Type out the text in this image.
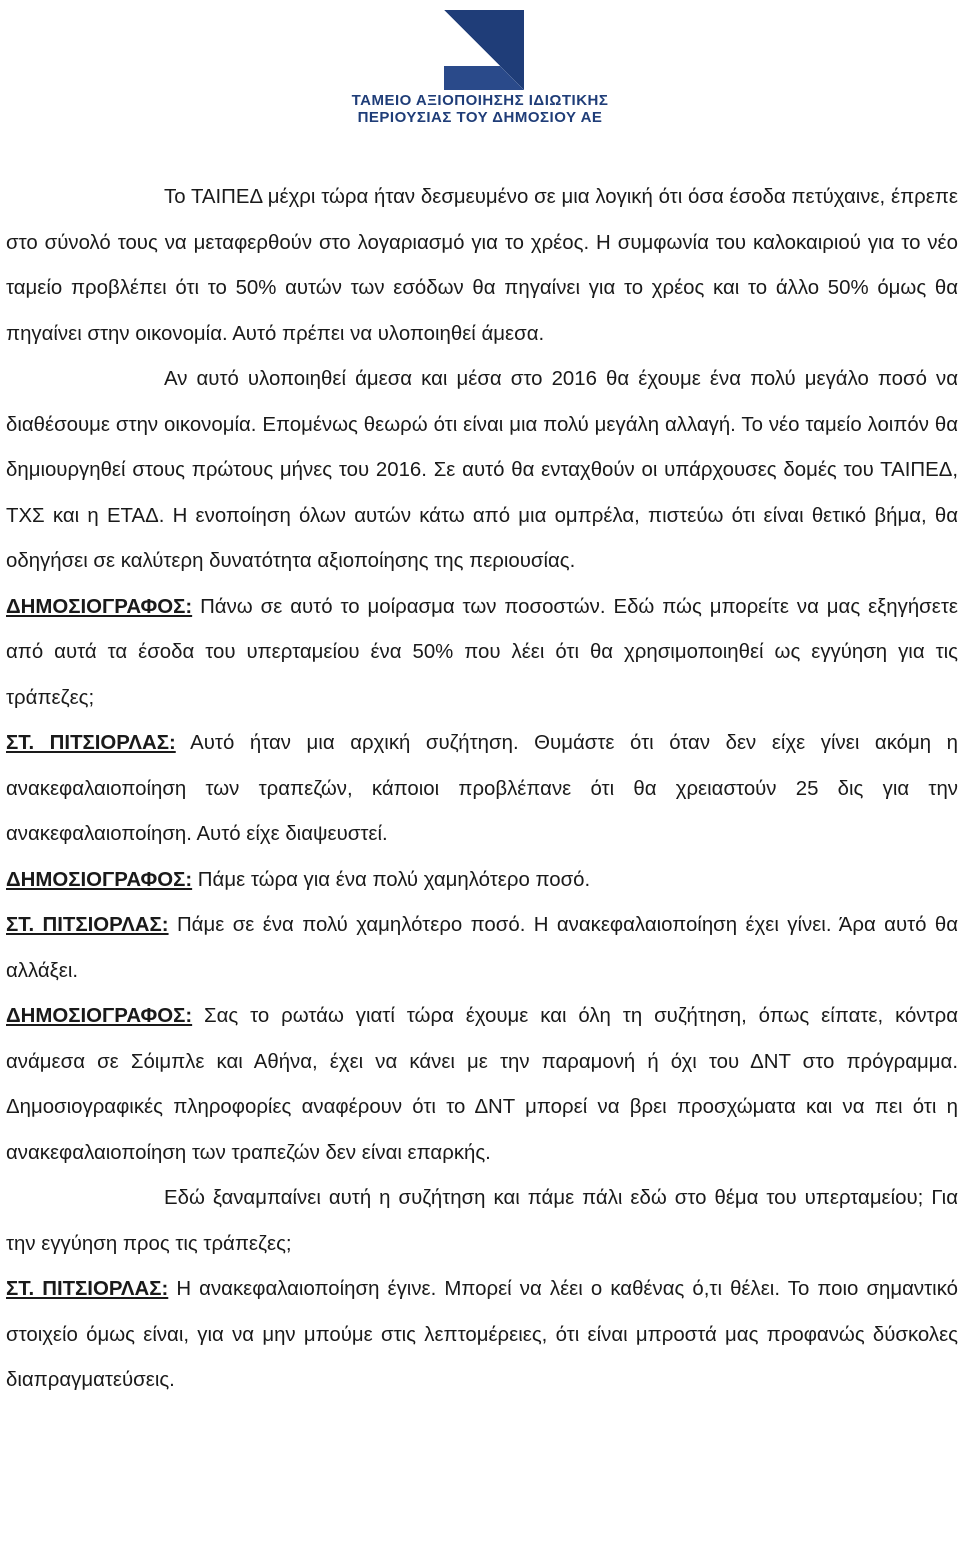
ΤΑΜΕΙΟ ΑΞΙΟΠΟΙΗΣΗΣ ΙΔΙΩΤΙΚΗΣ
ΠΕΡΙΟΥΣΙΑΣ ΤΟΥ ΔΗΜΟΣΙΟΥ ΑΕ

Το ΤΑΙΠΕΔ μέχρι τώρα ήταν δεσμευμένο σε μια λογική ότι όσα έσοδα πετύχαινε, έπρεπε στο σύνολό τους να μεταφερθούν στο λογαριασμό για το χρέος. Η συμφωνία του καλοκαιριού για το νέο ταμείο προβλέπει ότι το 50% αυτών των εσόδων θα πηγαίνει για το χρέος και το άλλο 50% όμως θα πηγαίνει στην οικονομία. Αυτό πρέπει να υλοποιηθεί άμεσα.

Αν αυτό υλοποιηθεί άμεσα και μέσα στο 2016 θα έχουμε ένα πολύ μεγάλο ποσό να διαθέσουμε στην οικονομία. Επομένως θεωρώ ότι είναι μια πολύ μεγάλη αλλαγή. Το νέο ταμείο λοιπόν θα δημιουργηθεί στους πρώτους μήνες του 2016. Σε αυτό θα ενταχθούν οι υπάρχουσες δομές του ΤΑΙΠΕΔ, ΤΧΣ και η ΕΤΑΔ. Η ενοποίηση όλων αυτών κάτω από μια ομπρέλα, πιστεύω ότι είναι θετικό βήμα, θα οδηγήσει σε καλύτερη δυνατότητα αξιοποίησης της περιουσίας.

ΔΗΜΟΣΙΟΓΡΑΦΟΣ: Πάνω σε αυτό το μοίρασμα των ποσοστών. Εδώ πώς μπορείτε να μας εξηγήσετε από αυτά τα έσοδα του υπερταμείου ένα 50% που λέει ότι θα χρησιμοποιηθεί ως εγγύηση για τις τράπεζες;

ΣΤ. ΠΙΤΣΙΟΡΛΑΣ: Αυτό ήταν μια αρχική συζήτηση. Θυμάστε ότι όταν δεν είχε γίνει ακόμη η ανακεφαλαιοποίηση των τραπεζών, κάποιοι προβλέπανε ότι θα χρειαστούν 25 δις για την ανακεφαλαιοποίηση. Αυτό είχε διαψευστεί.

ΔΗΜΟΣΙΟΓΡΑΦΟΣ: Πάμε τώρα για ένα πολύ χαμηλότερο ποσό.

ΣΤ. ΠΙΤΣΙΟΡΛΑΣ: Πάμε σε ένα πολύ χαμηλότερο ποσό. Η ανακεφαλαιοποίηση έχει γίνει. Άρα αυτό θα αλλάξει.

ΔΗΜΟΣΙΟΓΡΑΦΟΣ: Σας το ρωτάω γιατί τώρα έχουμε και όλη τη συζήτηση, όπως είπατε, κόντρα ανάμεσα σε Σόιμπλε και Αθήνα, έχει να κάνει με την παραμονή ή όχι του ΔΝΤ στο πρόγραμμα. Δημοσιογραφικές πληροφορίες αναφέρουν ότι το ΔΝΤ μπορεί να βρει προσχώματα και να πει ότι η ανακεφαλαιοποίηση των τραπεζών δεν είναι επαρκής.

Εδώ ξαναμπαίνει αυτή η συζήτηση και πάμε πάλι εδώ στο θέμα του υπερταμείου; Για την εγγύηση προς τις τράπεζες;

ΣΤ. ΠΙΤΣΙΟΡΛΑΣ: Η ανακεφαλαιοποίηση έγινε. Μπορεί να λέει ο καθένας ό,τι θέλει. Το ποιο σημαντικό στοιχείο όμως είναι, για να μην μπούμε στις λεπτομέρειες, ότι είναι μπροστά μας προφανώς δύσκολες διαπραγματεύσεις.
